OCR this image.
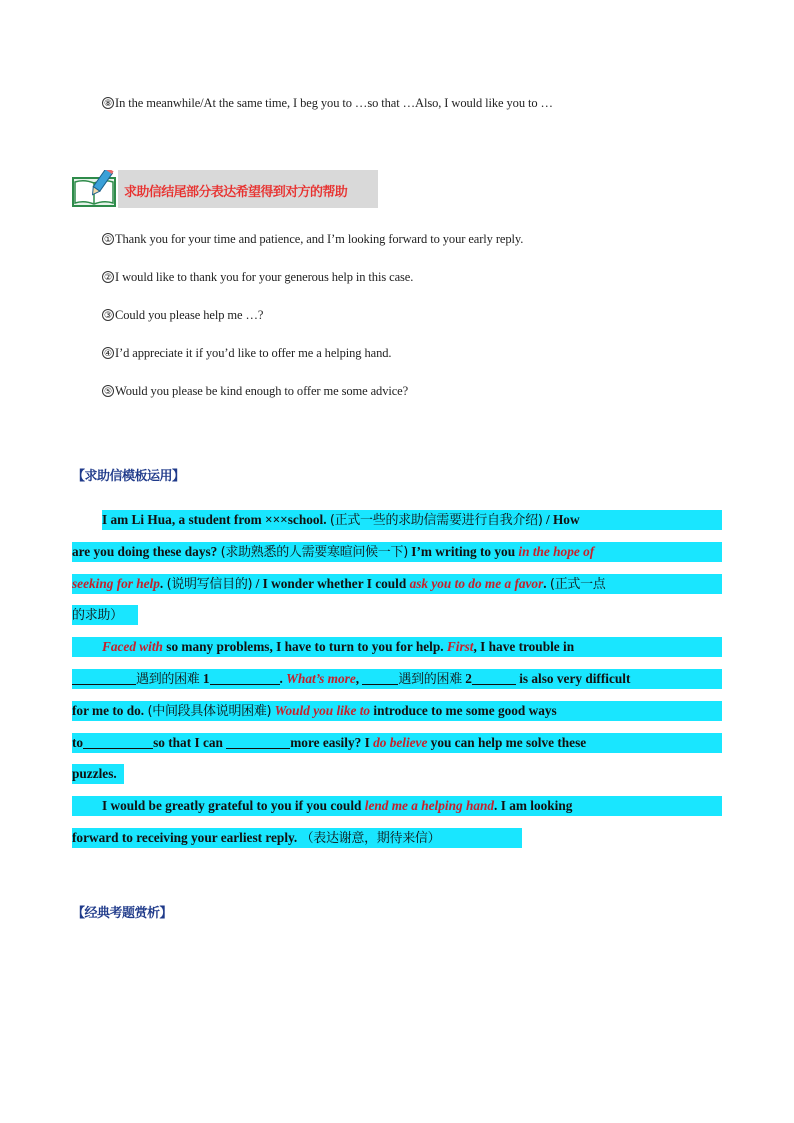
⑧ In the meanwhile/At the same time, I beg you to …so that …Also, I would like you to …
求助信结尾部分表达希望得到对方的帮助
① Thank you for your time and patience, and I’m looking forward to your early reply.
② I would like to thank you for your generous help in this case.
③ Could you please help me …?
④ I’d appreciate it if you’d like to offer me a helping hand.
⑤ Would you please be kind enough to offer me some advice?
【求助信模板运用】
I am Li Hua, a student from ×××school. (正式一些的求助信需要进行自我介绍) / How
are you doing these days? (求助熟悉的人需要寒暄问候一下) I’m writing to you in the hope of
seeking for help. (说明写信目的) / I wonder whether I could ask you to do me a favor. (正式一点
的求助）
Faced with so many problems, I have to turn to you for help. First, I have trouble in
遇到的困难 1	. What’s more,	遇到的困难 2	is also very difficult
for me to do. (中间段具体说明困难) Would you like to introduce to me some good ways
to	so that I can	more easily? I do believe you can help me solve these
puzzles.
I would be greatly grateful to you if you could lend me a helping hand. I am looking
forward to receiving your earliest reply. （表达谢意，期待来信）
【经典考题赏析】
